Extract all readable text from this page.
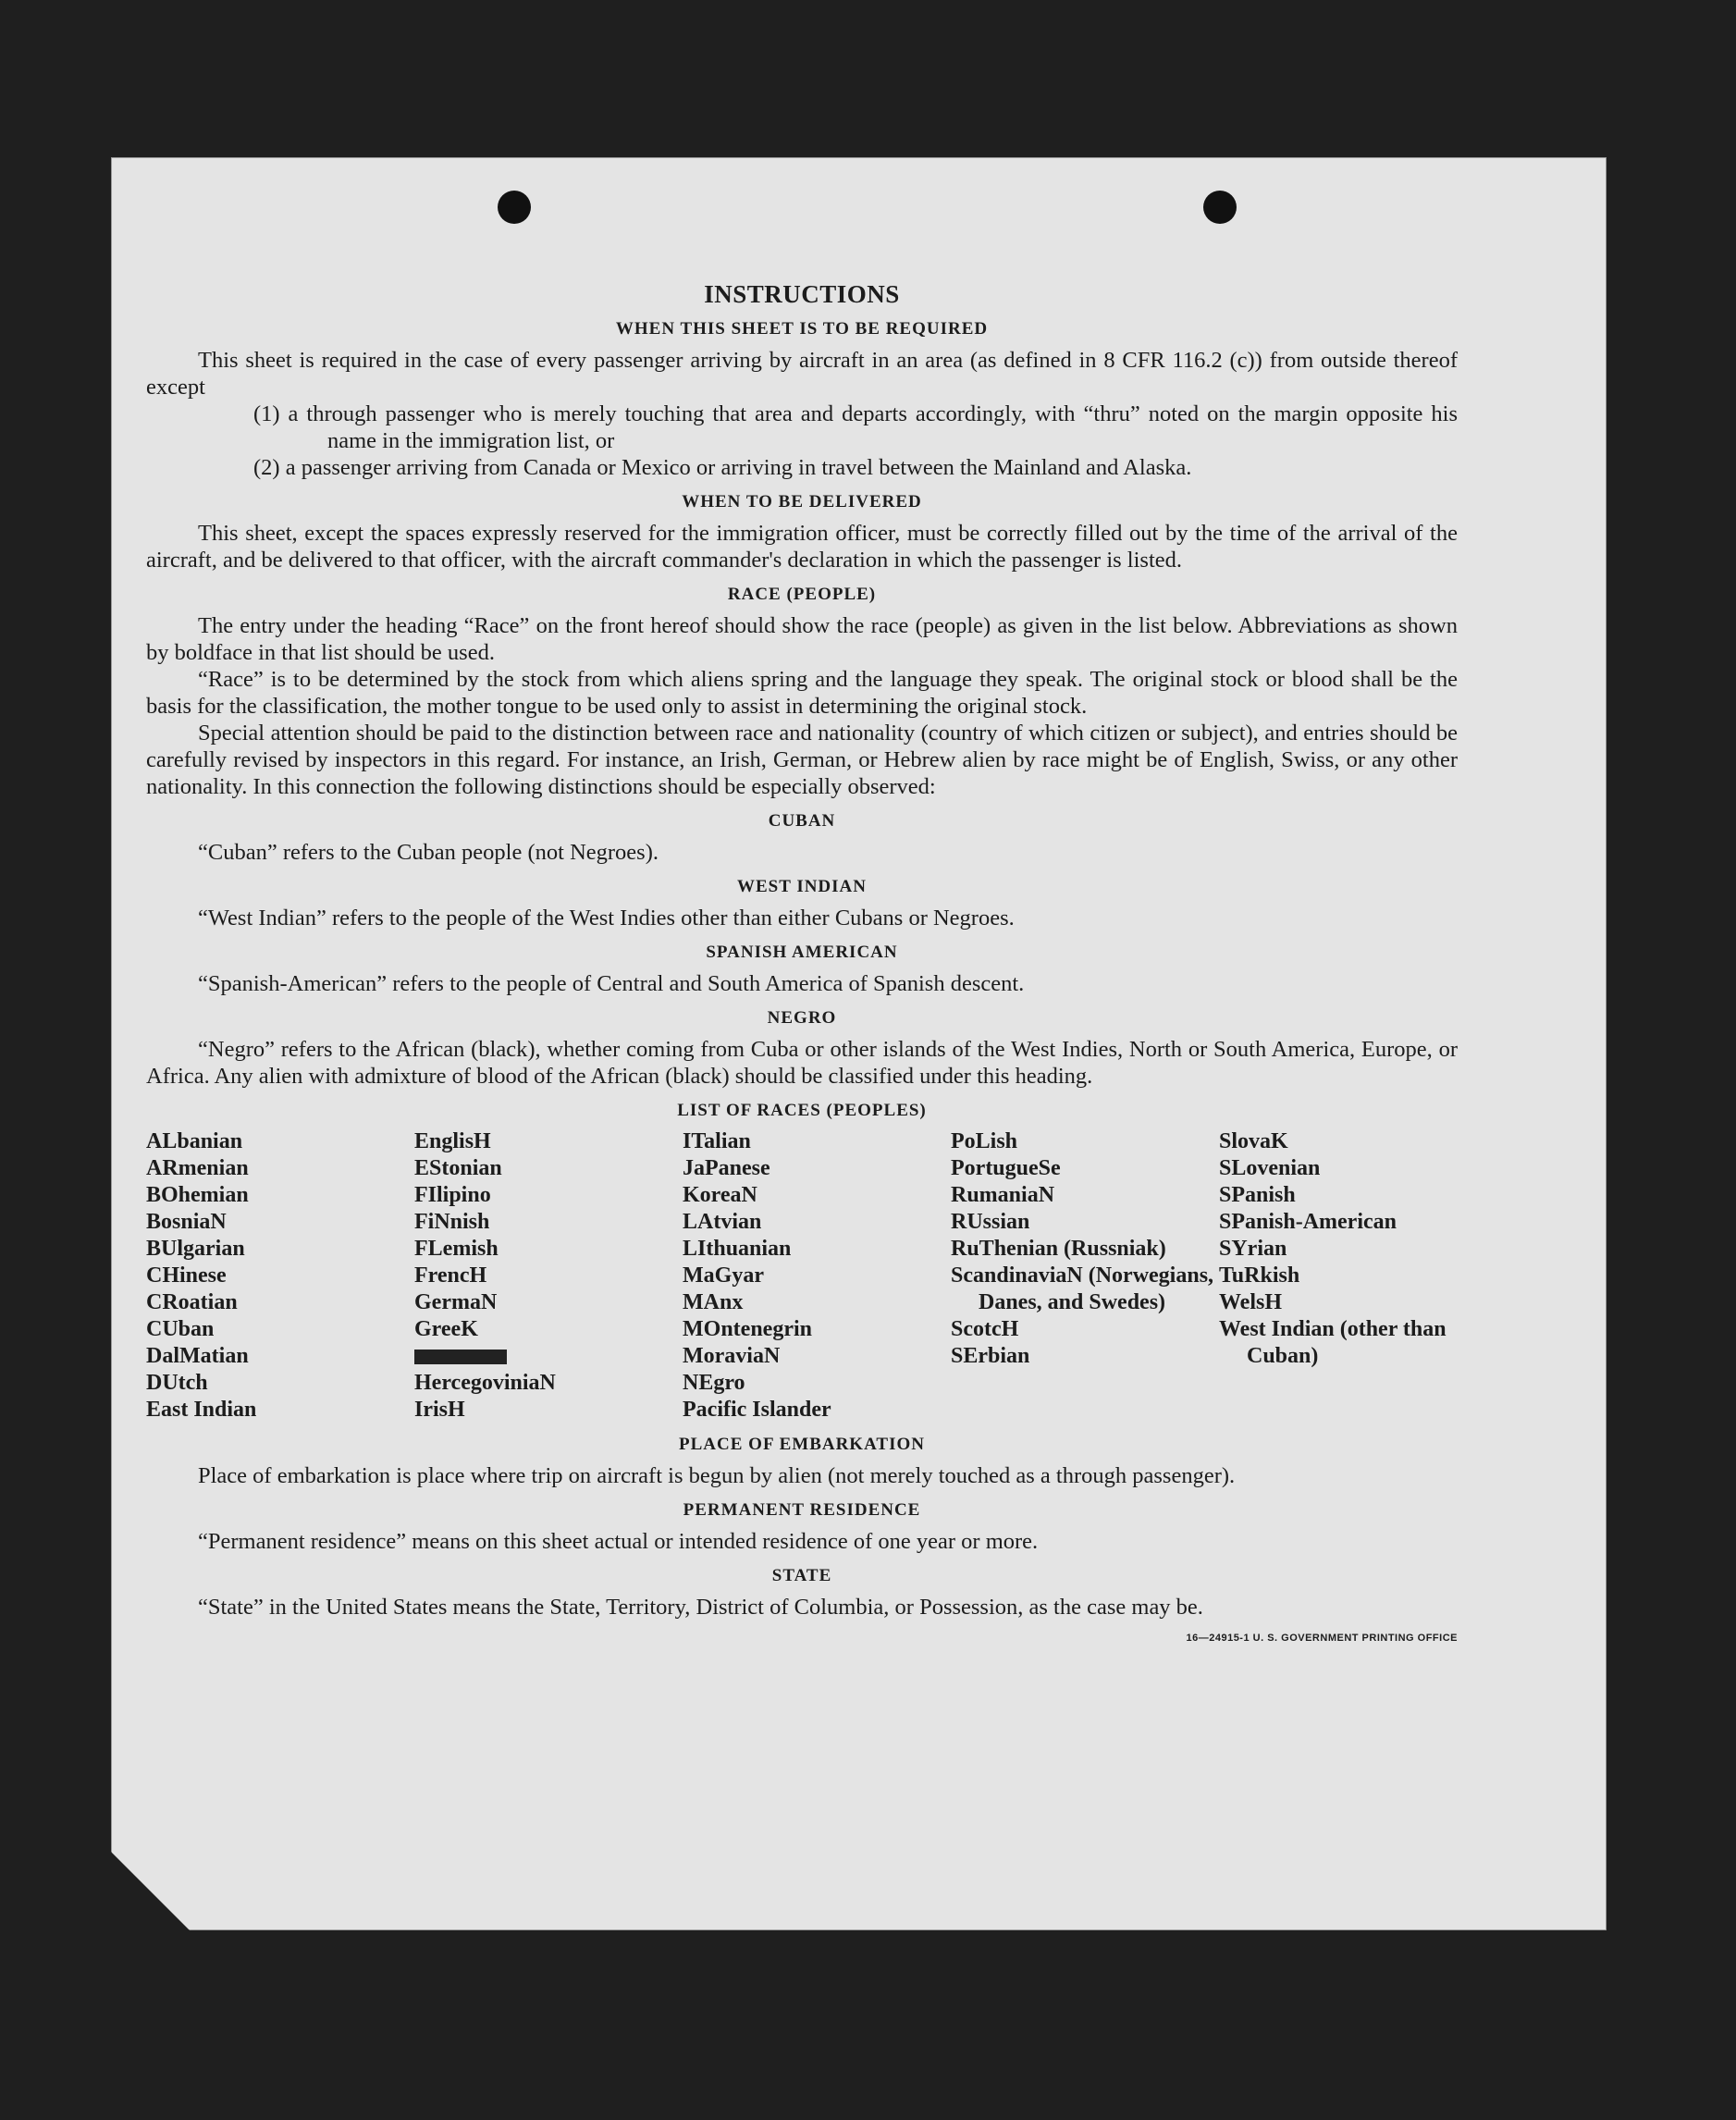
INSTRUCTIONS
WHEN THIS SHEET IS TO BE REQUIRED

This sheet is required in the case of every passenger arriving by aircraft in an area (as defined in 8 CFR 116.2 (c)) from outside thereof except

(1) a through passenger who is merely touching that area and departs accordingly, with “thru” noted on the margin opposite his name in the immigration list, or

(2) a passenger arriving from Canada or Mexico or arriving in travel between the Mainland and Alaska.

WHEN TO BE DELIVERED

This sheet, except the spaces expressly reserved for the immigration officer, must be correctly filled out by the time of the arrival of the aircraft, and be delivered to that officer, with the aircraft commander's declaration in which the passenger is listed.

RACE (PEOPLE)

The entry under the heading “Race” on the front hereof should show the race (people) as given in the list below. Abbreviations as shown by boldface in that list should be used.

“Race” is to be determined by the stock from which aliens spring and the language they speak. The original stock or blood shall be the basis for the classification, the mother tongue to be used only to assist in determining the original stock.

Special attention should be paid to the distinction between race and nationality (country of which citizen or subject), and entries should be carefully revised by inspectors in this regard. For instance, an Irish, German, or Hebrew alien by race might be of English, Swiss, or any other nationality. In this connection the following distinctions should be especially observed:

CUBAN

“Cuban” refers to the Cuban people (not Negroes).

WEST INDIAN

“West Indian” refers to the people of the West Indies other than either Cubans or Negroes.

SPANISH AMERICAN

“Spanish-American” refers to the people of Central and South America of Spanish descent.

NEGRO

“Negro” refers to the African (black), whether coming from Cuba or other islands of the West Indies, North or South America, Europe, or Africa. Any alien with admixture of blood of the African (black) should be classified under this heading.

LIST OF RACES (PEOPLES)
ALbanian
ARmenian
BOhemian
BosniaN
BUlgarian
CHinese
CRoatian
CUban
DalMatian
DUtch
East Indian
EnglisH
EStonian
FIlipino
FiNnish
FLemish
FrencH
GermaN
GreeK
HercegoviniaN
IrisH
ITalian
JaPanese
KoreaN
LAtvian
LIthuanian
MaGyar
MAnx
MOntenegrin
MoraviaN
NEgro
Pacific Islander
PoLish
PortugueSe
RumaniaN
RUssian
RuThenian (Russniak)
ScandinaviaN (Norwegians, Danes, and Swedes)
ScotcH
SErbian
SlovaK
SLovenian
SPanish
SPanish-American
SYrian
TuRkish
WelsH
West Indian (other than Cuban)
PLACE OF EMBARKATION

Place of embarkation is place where trip on aircraft is begun by alien (not merely touched as a through passenger).

PERMANENT RESIDENCE

“Permanent residence” means on this sheet actual or intended residence of one year or more.

STATE

“State” in the United States means the State, Territory, District of Columbia, or Possession, as the case may be.

16—24915-1 U. S. GOVERNMENT PRINTING OFFICE
